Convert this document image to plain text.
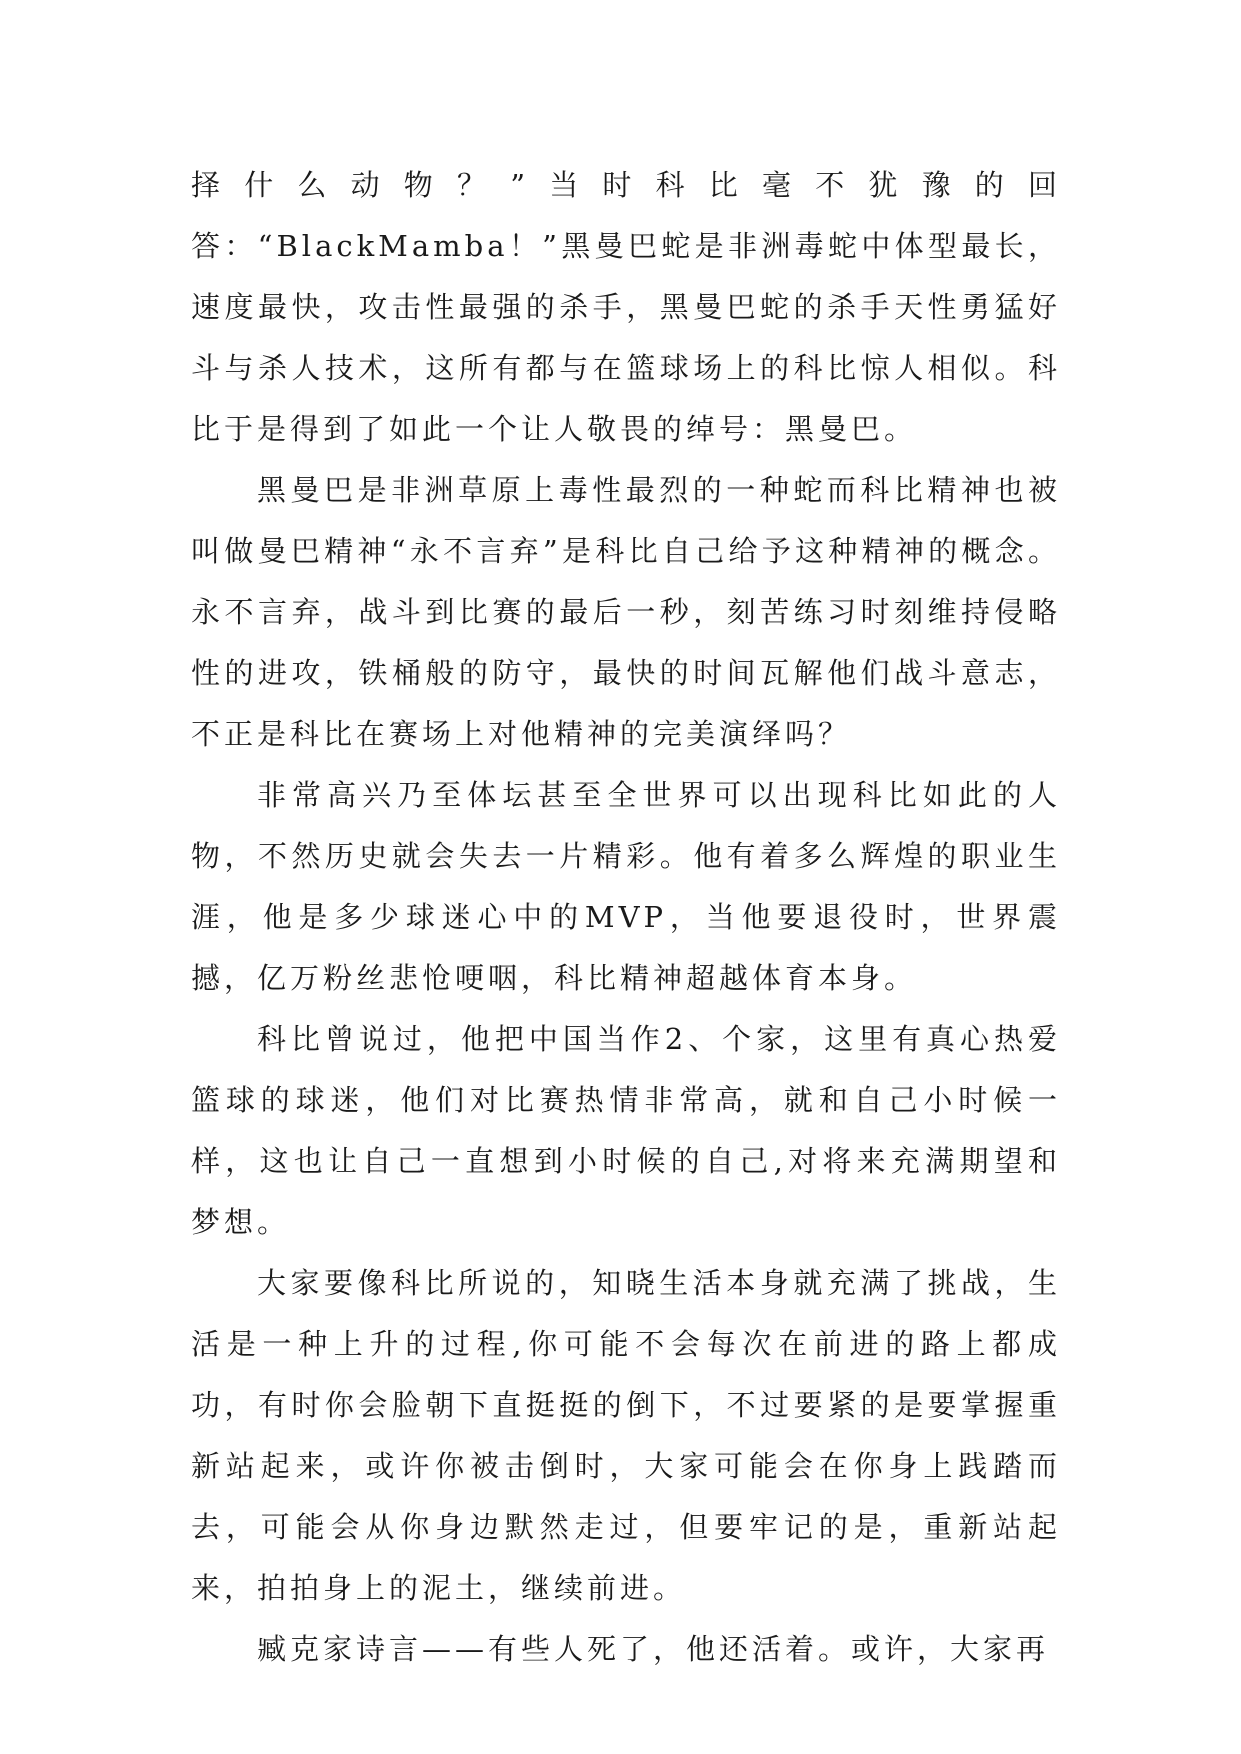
择什么动物？”当时科比毫不犹豫的回答：“BlackMamba！”黑曼巴蛇是非洲毒蛇中体型最长，速度最快，攻击性最强的杀手，黑曼巴蛇的杀手天性勇猛好斗与杀人技术，这所有都与在篮球场上的科比惊人相似。科比于是得到了如此一个让人敬畏的绰号：黑曼巴。

黑曼巴是非洲草原上毒性最烈的一种蛇而科比精神也被叫做曼巴精神“永不言弃”是科比自己给予这种精神的概念。永不言弃，战斗到比赛的最后一秒，刻苦练习时刻维持侵略性的进攻，铁桶般的防守，最快的时间瓦解他们战斗意志，不正是科比在赛场上对他精神的完美演绎吗？

非常高兴乃至体坛甚至全世界可以出现科比如此的人物，不然历史就会失去一片精彩。他有着多么辉煌的职业生涯，他是多少球迷心中的MVP，当他要退役时，世界震撼，亿万粉丝悲怆哽咽，科比精神超越体育本身。

科比曾说过，他把中国当作2、个家，这里有真心热爱篮球的球迷，他们对比赛热情非常高，就和自己小时候一样，这也让自己一直想到小时候的自己,对将来充满期望和梦想。

大家要像科比所说的，知晓生活本身就充满了挑战，生活是一种上升的过程,你可能不会每次在前进的路上都成功，有时你会脸朝下直挺挺的倒下，不过要紧的是要掌握重新站起来，或许你被击倒时，大家可能会在你身上践踏而去，可能会从你身边默然走过，但要牢记的是，重新站起来，拍拍身上的泥土，继续前进。

臧克家诗言——有些人死了，他还活着。或许，大家再
